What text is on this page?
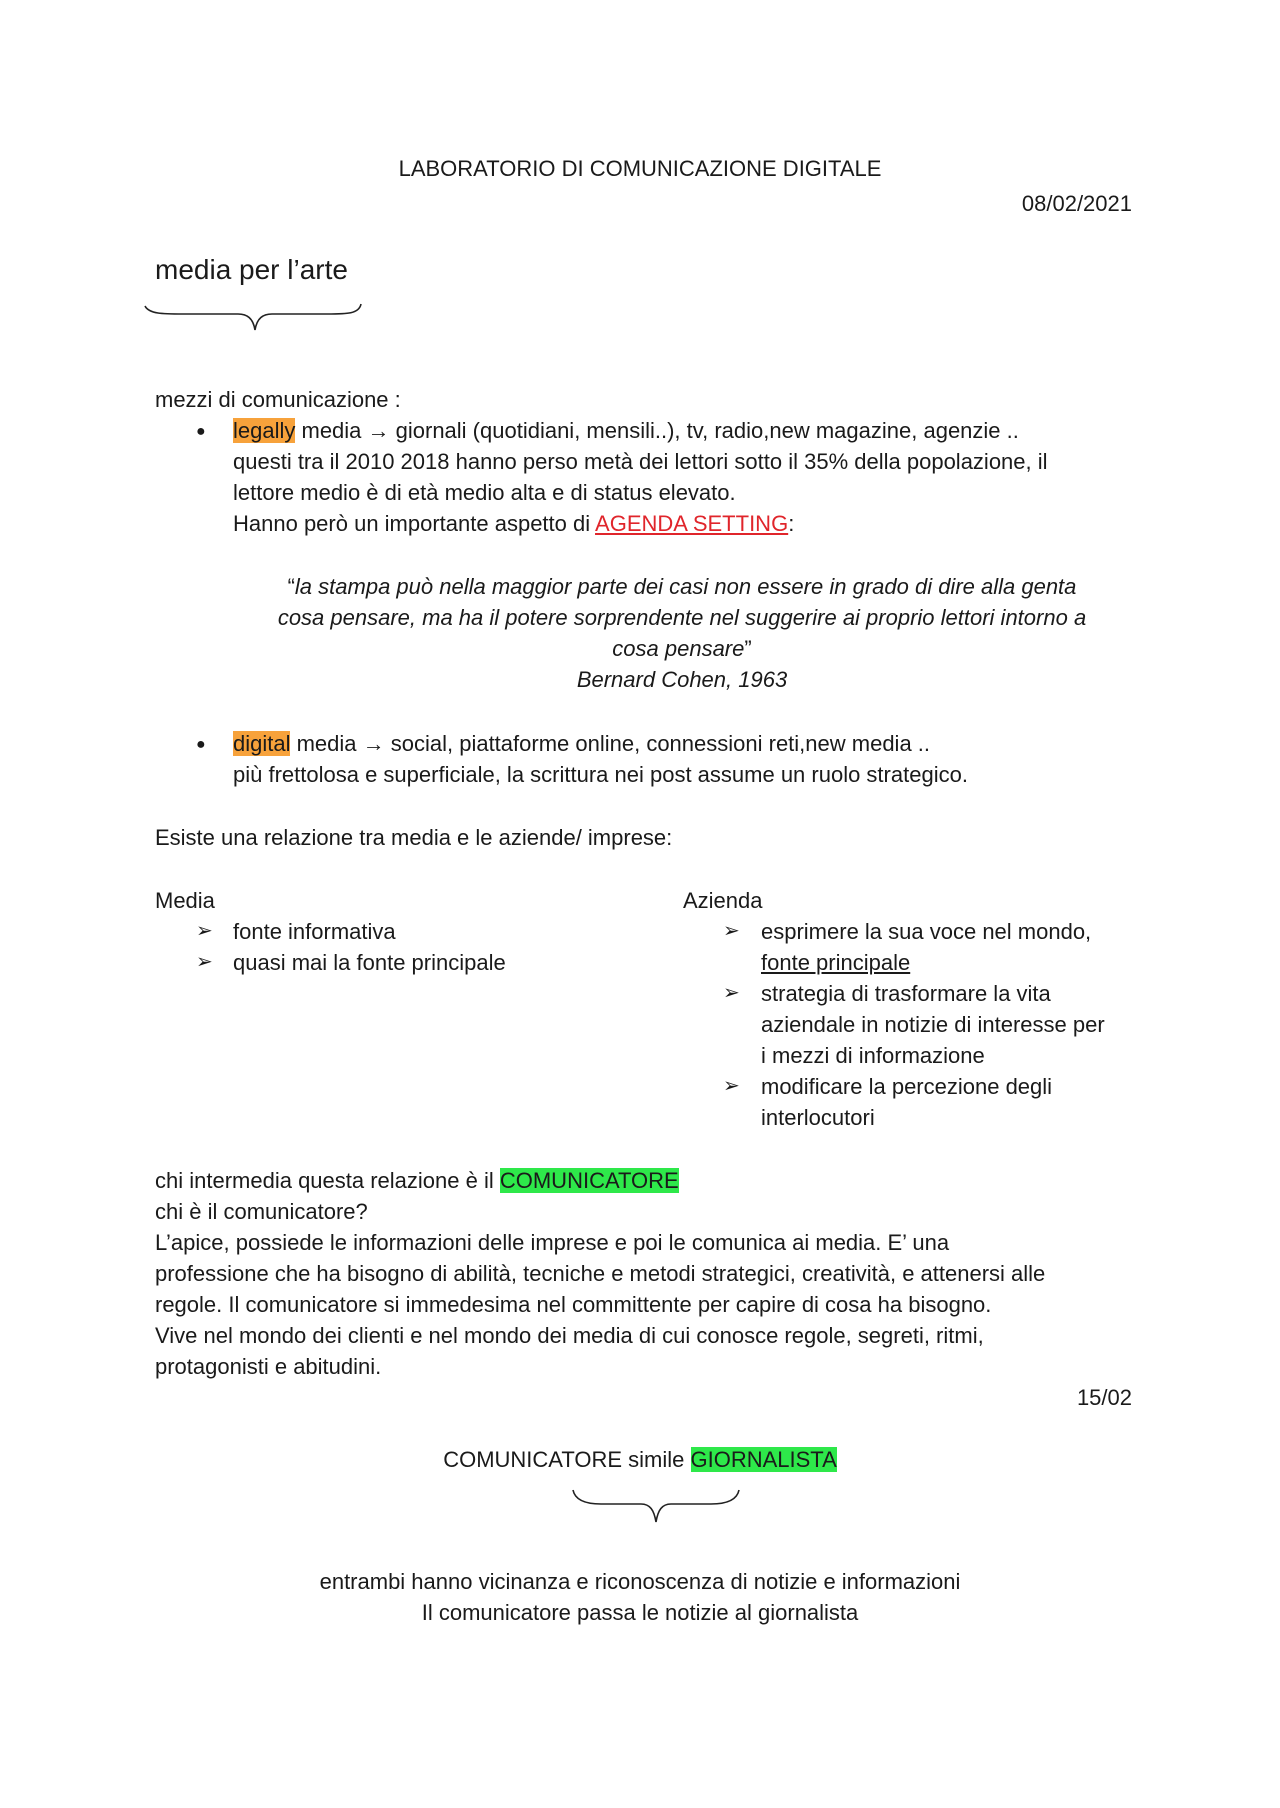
LABORATORIO DI COMUNICAZIONE DIGITALE
08/02/2021
media per l’arte
mezzi di comunicazione :
● legally media → giornali (quotidiani, mensili..), tv, radio,new magazine, agenzie ..
questi tra il 2010 2018 hanno perso metà dei lettori sotto il 35% della popolazione, il
lettore medio è di età medio alta e di status elevato.
Hanno però un importante aspetto di AGENDA SETTING:
“la stampa può nella maggior parte dei casi non essere in grado di dire alla genta
cosa pensare, ma ha il potere sorprendente nel suggerire ai proprio lettori intorno a
cosa pensare”
Bernard Cohen, 1963
● digital media → social, piattaforme online, connessioni reti,new media ..
più frettolosa e superficiale, la scrittura nei post assume un ruolo strategico.
Esiste una relazione tra media e le aziende/ imprese:
Media
➢ fonte informativa
➢ quasi mai la fonte principale
Azienda
➢ esprimere la sua voce nel mondo,
fonte principale
➢ strategia di trasformare la vita
aziendale in notizie di interesse per
i mezzi di informazione
➢ modificare la percezione degli
interlocutori
chi intermedia questa relazione è il COMUNICATORE
chi è il comunicatore?
L’apice, possiede le informazioni delle imprese e poi le comunica ai media. E’ una
professione che ha bisogno di abilità, tecniche e metodi strategici, creatività, e attenersi alle
regole. Il comunicatore si immedesima nel committente per capire di cosa ha bisogno.
Vive nel mondo dei clienti e nel mondo dei media di cui conosce regole, segreti, ritmi,
protagonisti e abitudini.
15/02
COMUNICATORE simile GIORNALISTA
entrambi hanno vicinanza e riconoscenza di notizie e informazioni
Il comunicatore passa le notizie al giornalista
